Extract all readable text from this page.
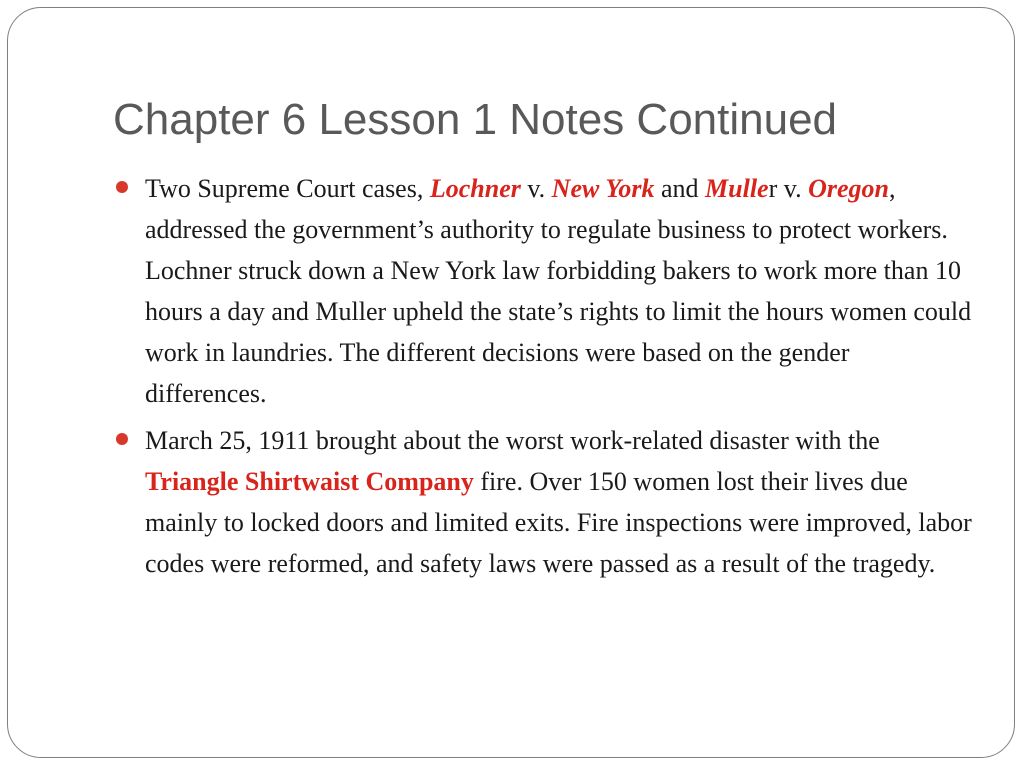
Chapter 6 Lesson 1 Notes Continued
Two Supreme Court cases, Lochner v. New York and Muller v. Oregon, addressed the government’s authority to regulate business to protect workers. Lochner struck down a New York law forbidding bakers to work more than 10 hours a day and Muller upheld the state’s rights to limit the hours women could work in laundries. The different decisions were based on the gender differences.
March 25, 1911 brought about the worst work-related disaster with the Triangle Shirtwaist Company fire. Over 150 women lost their lives due mainly to locked doors and limited exits. Fire inspections were improved, labor codes were reformed, and safety laws were passed as a result of the tragedy.
